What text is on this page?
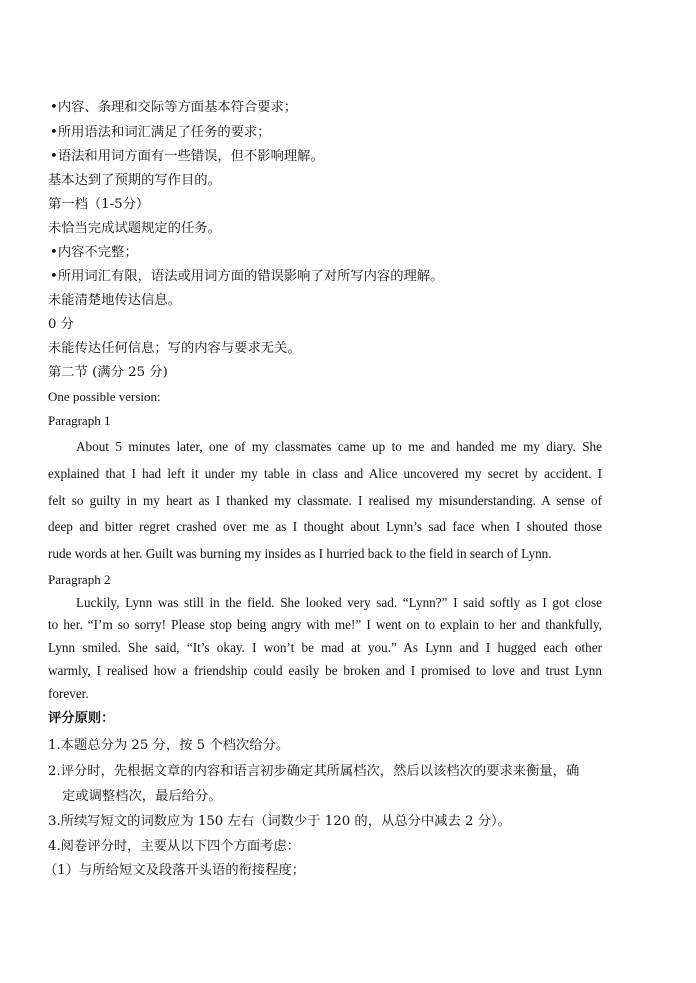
•内容、条理和交际等方面基本符合要求；
•所用语法和词汇满足了任务的要求；
•语法和用词方面有一些错误，但不影响理解。
基本达到了预期的写作目的。
第一档（1-5分）
未恰当完成试题规定的任务。
•内容不完整；
•所用词汇有限，语法或用词方面的错误影响了对所写内容的理解。
未能清楚地传达信息。
0 分
未能传达任何信息；写的内容与要求无关。
第二节 (满分 25 分)
One possible version:
Paragraph 1
About 5 minutes later, one of my classmates came up to me and handed me my diary. She
explained that I had left it under my table in class and Alice uncovered my secret by accident. I
felt so guilty in my heart as I thanked my classmate. I realised my misunderstanding. A sense of
deep and bitter regret crashed over me as I thought about Lynn’s sad face when I shouted those
rude words at her. Guilt was burning my insides as I hurried back to the field in search of Lynn.
Paragraph 2
Luckily, Lynn was still in the field. She looked very sad. “Lynn?” I said softly as I got close
to her. “I’m so sorry! Please stop being angry with me!” I went on to explain to her and thankfully,
Lynn smiled. She said, “It’s okay. I won’t be mad at you.” As Lynn and I hugged each other
warmly, I realised how a friendship could easily be broken and I promised to love and trust Lynn
forever.
评分原则：
1.本题总分为 25 分，按 5 个档次给分。
2.评分时，先根据文章的内容和语言初步确定其所属档次，然后以该档次的要求来衡量，确
定或调整档次，最后给分。
3.所续写短文的词数应为 150 左右（词数少于 120 的，从总分中减去 2 分）。
4.阅卷评分时，主要从以下四个方面考虑：
（1）与所给短文及段落开头语的衔接程度；
